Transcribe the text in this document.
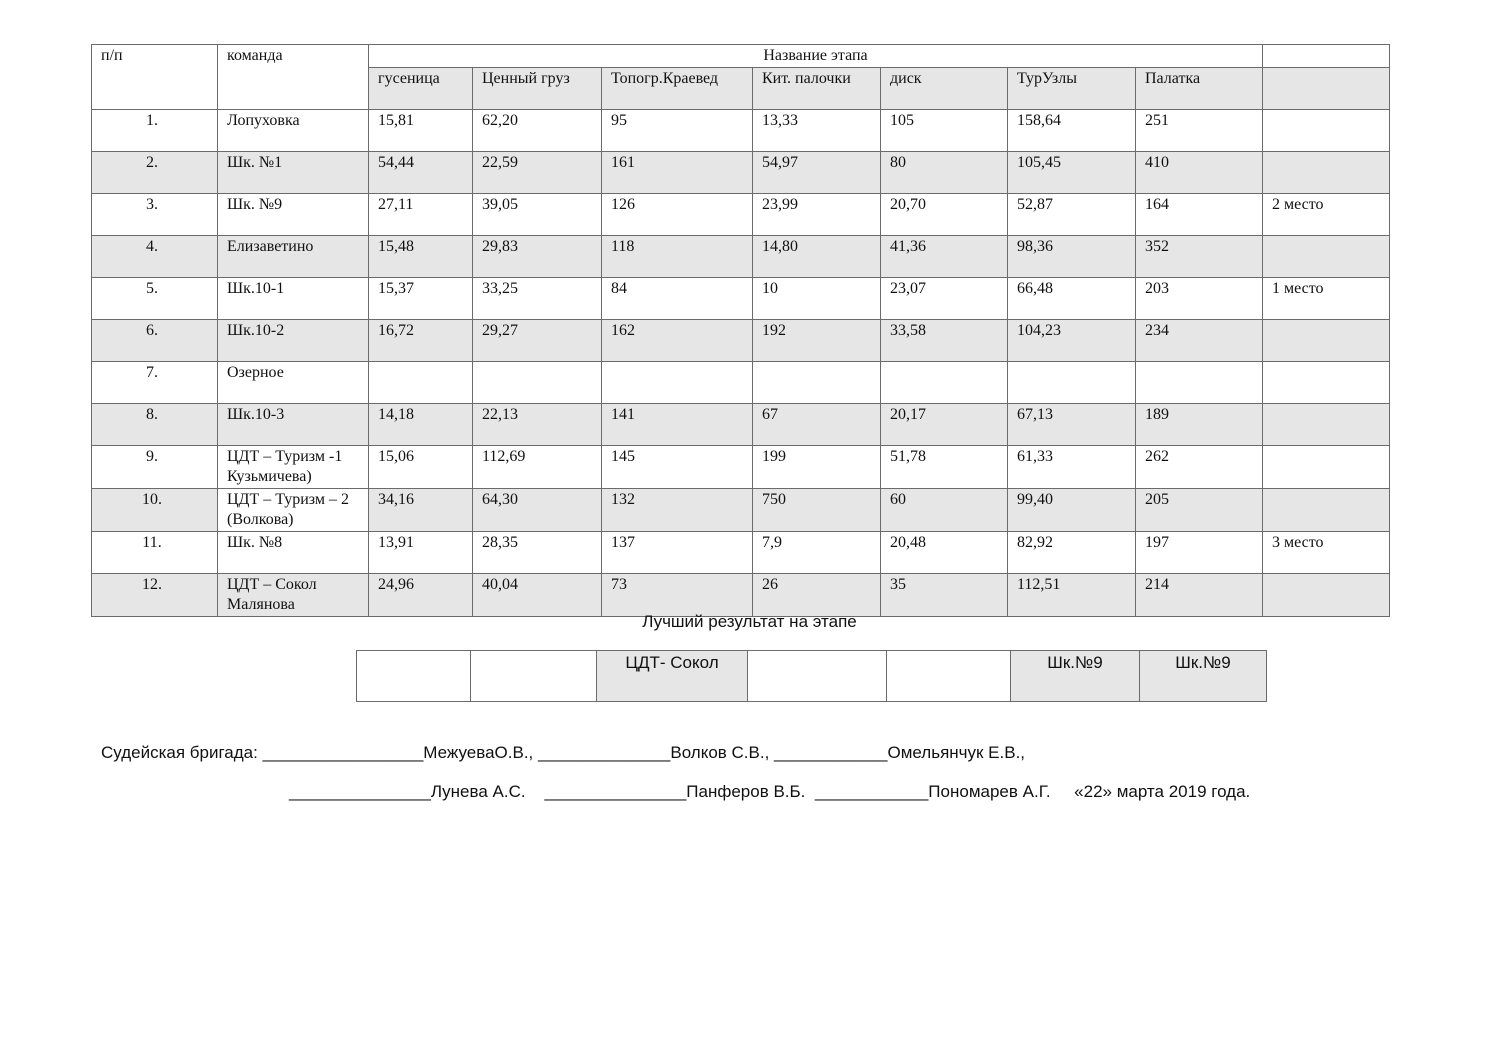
п/п	команда	Название этапа							
		гусеница	Ценный груз	Топогр.Краевед	Кит. палочки	диск	ТурУзлы	Палатка	
1.	Лопуховка	15,81	62,20	95	13,33	105	158,64	251	
2.	Шк. №1	54,44	22,59	161	54,97	80	105,45	410	
3.	Шк. №9	27,11	39,05	126	23,99	20,70	52,87	164	2 место
4.	Елизаветино	15,48	29,83	118	14,80	41,36	98,36	352	
5.	Шк.10-1	15,37	33,25	84	10	23,07	66,48	203	1 место
6.	Шк.10-2	16,72	29,27	162	192	33,58	104,23	234	
7.	Озерное								
8.	Шк.10-3	14,18	22,13	141	67	20,17	67,13	189	
9.	ЦДТ – Туризм -1 Кузьмичева)	15,06	112,69	145	199	51,78	61,33	262	
10.	ЦДТ – Туризм – 2 (Волкова)	34,16	64,30	132	750	60	99,40	205	
11.	Шк. №8	13,91	28,35	137	7,9	20,48	82,92	197	3 место
12.	ЦДТ – Сокол Малянова	24,96	40,04	73	26	35	112,51	214	
Лучший результат на этапе
		ЦДТ- Сокол			Шк.№9	Шк.№9
Судейская бригада: _________________МежуеваО.В., ______________Волков С.В., ____________Омельянчук Е.В.,
_______________Лунева А.С.    _______________Панферов В.Б.  ____________Пономарев А.Г.     «22» марта 2019 года.
